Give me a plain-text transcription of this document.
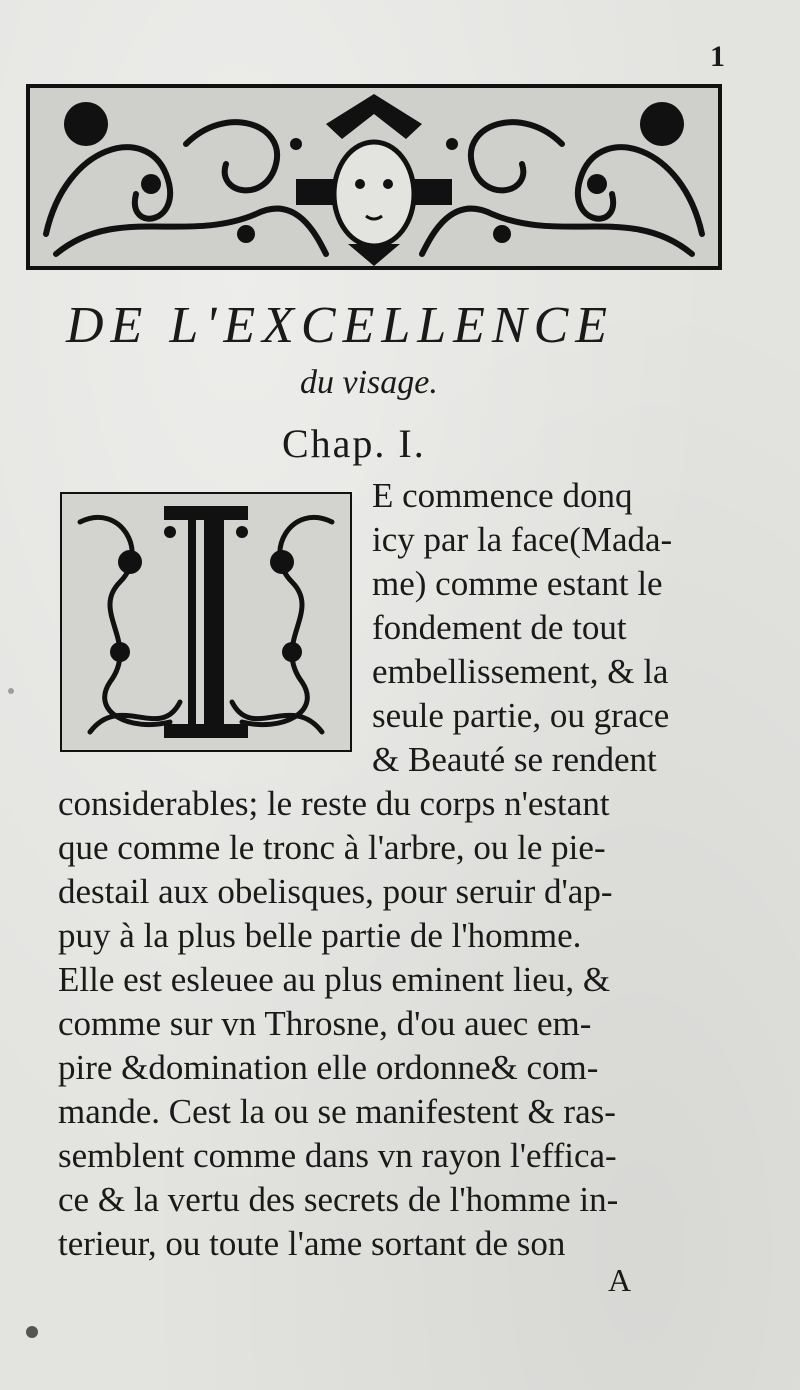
1
DE L'EXCELLENCE
du visage.
Chap. I.
E commence donq
icy par la face(Mada-
me) comme estant le
fondement de tout
embellissement, & la
seule partie, ou grace
& Beauté se rendent
considerables; le reste du corps n'estant
que comme le tronc à l'arbre, ou le pie-
destail aux obelisques, pour seruir d'ap-
puy à la plus belle partie de l'homme.
Elle est esleuee au plus eminent lieu, &
comme sur vn Throsne, d'ou auec em-
pire &domination elle ordonne& com-
mande. Cest la ou se manifestent & ras-
semblent comme dans vn rayon l'effica-
ce & la vertu des secrets de l'homme in-
terieur, ou toute l'ame sortant de son
A
